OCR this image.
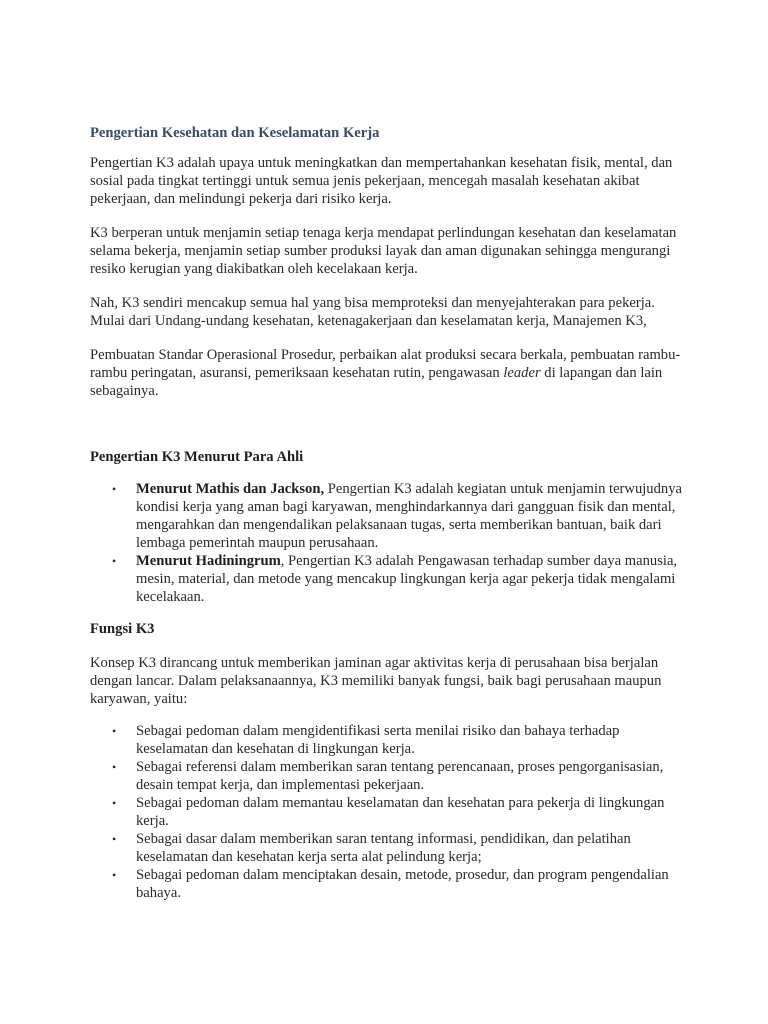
Pengertian Kesehatan dan Keselamatan Kerja

Pengertian K3 adalah upaya untuk meningkatkan dan mempertahankan kesehatan fisik, mental, dan sosial pada tingkat tertinggi untuk semua jenis pekerjaan, mencegah masalah kesehatan akibat pekerjaan, dan melindungi pekerja dari risiko kerja.

K3 berperan untuk menjamin setiap tenaga kerja mendapat perlindungan kesehatan dan keselamatan selama bekerja, menjamin setiap sumber produksi layak dan aman digunakan sehingga mengurangi resiko kerugian yang diakibatkan oleh kecelakaan kerja.

Nah, K3 sendiri mencakup semua hal yang bisa memproteksi dan menyejahterakan para pekerja. Mulai dari Undang-undang kesehatan, ketenagakerjaan dan keselamatan kerja, Manajemen K3,

Pembuatan Standar Operasional Prosedur, perbaikan alat produksi secara berkala, pembuatan rambu-rambu peringatan, asuransi, pemeriksaan kesehatan rutin, pengawasan leader di lapangan dan lain sebagainya.

Pengertian K3 Menurut Para Ahli
• Menurut Mathis dan Jackson, Pengertian K3 adalah kegiatan untuk menjamin terwujudnya kondisi kerja yang aman bagi karyawan, menghindarkannya dari gangguan fisik dan mental, mengarahkan dan mengendalikan pelaksanaan tugas, serta memberikan bantuan, baik dari lembaga pemerintah maupun perusahaan.
• Menurut Hadiningrum, Pengertian K3 adalah Pengawasan terhadap sumber daya manusia, mesin, material, dan metode yang mencakup lingkungan kerja agar pekerja tidak mengalami kecelakaan.
Fungsi K3

Konsep K3 dirancang untuk memberikan jaminan agar aktivitas kerja di perusahaan bisa berjalan dengan lancar. Dalam pelaksanaannya, K3 memiliki banyak fungsi, baik bagi perusahaan maupun karyawan, yaitu:

• Sebagai pedoman dalam mengidentifikasi serta menilai risiko dan bahaya terhadap keselamatan dan kesehatan di lingkungan kerja.
• Sebagai referensi dalam memberikan saran tentang perencanaan, proses pengorganisasian, desain tempat kerja, dan implementasi pekerjaan.
• Sebagai pedoman dalam memantau keselamatan dan kesehatan para pekerja di lingkungan kerja.
• Sebagai dasar dalam memberikan saran tentang informasi, pendidikan, dan pelatihan keselamatan dan kesehatan kerja serta alat pelindung kerja;
• Sebagai pedoman dalam menciptakan desain, metode, prosedur, dan program pengendalian bahaya.
